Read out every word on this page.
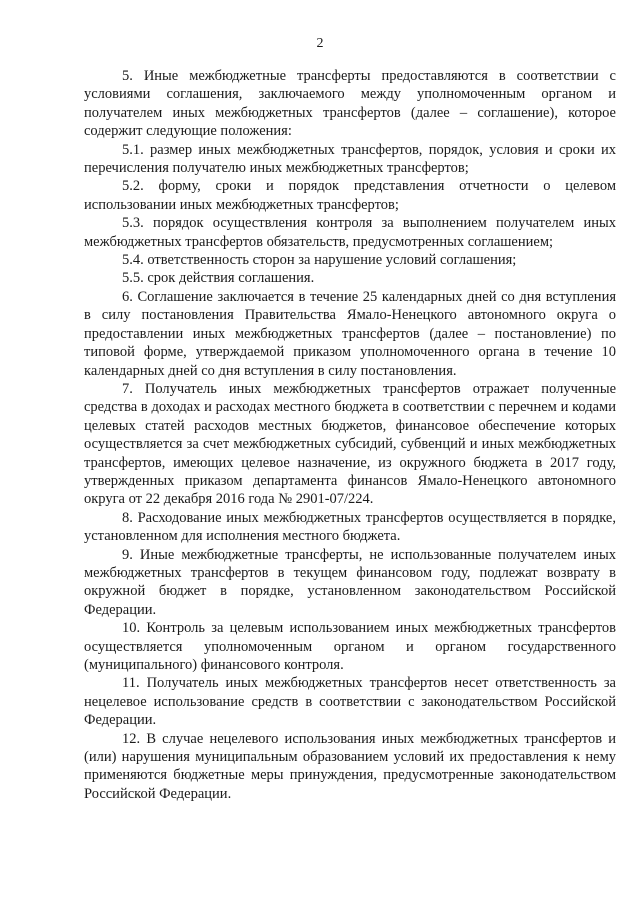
2

5. Иные межбюджетные трансферты предоставляются в соответствии с условиями соглашения, заключаемого между уполномоченным органом и получателем иных межбюджетных трансфертов (далее – соглашение), которое содержит следующие положения:

5.1. размер иных межбюджетных трансфертов, порядок, условия и сроки их перечисления получателю иных межбюджетных трансфертов;

5.2. форму, сроки и порядок представления отчетности о целевом использовании иных межбюджетных трансфертов;

5.3. порядок осуществления контроля за выполнением получателем иных межбюджетных трансфертов обязательств, предусмотренных соглашением;

5.4. ответственность сторон за нарушение условий соглашения;

5.5. срок действия соглашения.

6. Соглашение заключается в течение 25 календарных дней со дня вступления в силу постановления Правительства Ямало-Ненецкого автономного округа о предоставлении иных межбюджетных трансфертов (далее – постановление) по типовой форме, утверждаемой приказом уполномоченного органа в течение 10 календарных дней со дня вступления в силу постановления.

7. Получатель иных межбюджетных трансфертов отражает полученные средства в доходах и расходах местного бюджета в соответствии с перечнем и кодами целевых статей расходов местных бюджетов, финансовое обеспечение которых осуществляется за счет межбюджетных субсидий, субвенций и иных межбюджетных трансфертов, имеющих целевое назначение, из окружного бюджета в 2017 году, утвержденных приказом департамента финансов Ямало-Ненецкого автономного округа от 22 декабря 2016 года № 2901-07/224.

8. Расходование иных межбюджетных трансфертов осуществляется в порядке, установленном для исполнения местного бюджета.

9. Иные межбюджетные трансферты, не использованные получателем иных межбюджетных трансфертов в текущем финансовом году, подлежат возврату в окружной бюджет в порядке, установленном законодательством Российской Федерации.

10. Контроль за целевым использованием иных межбюджетных трансфертов осуществляется уполномоченным органом и органом государственного (муниципального) финансового контроля.

11. Получатель иных межбюджетных трансфертов несет ответственность за нецелевое использование средств в соответствии с законодательством Российской Федерации.

12. В случае нецелевого использования иных межбюджетных трансфертов и (или) нарушения муниципальным образованием условий их предоставления к нему применяются бюджетные меры принуждения, предусмотренные законодательством Российской Федерации.
